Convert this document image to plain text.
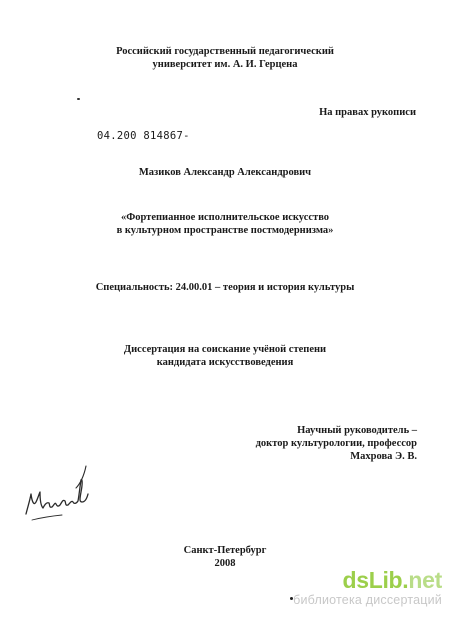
Российский государственный педагогический
университет им. А. И. Герцена
На правах рукописи
04.200 814867-
Мазиков Александр Александрович
«Фортепианное исполнительское искусство
в культурном пространстве постмодернизма»
Специальность: 24.00.01 – теория и история культуры
Диссертация на соискание учёной степени
кандидата искусствоведения
Научный руководитель –
доктор культурологии, профессор
Махрова Э. В.
Санкт-Петербург
2008
dsLib.net
библиотека диссертаций
